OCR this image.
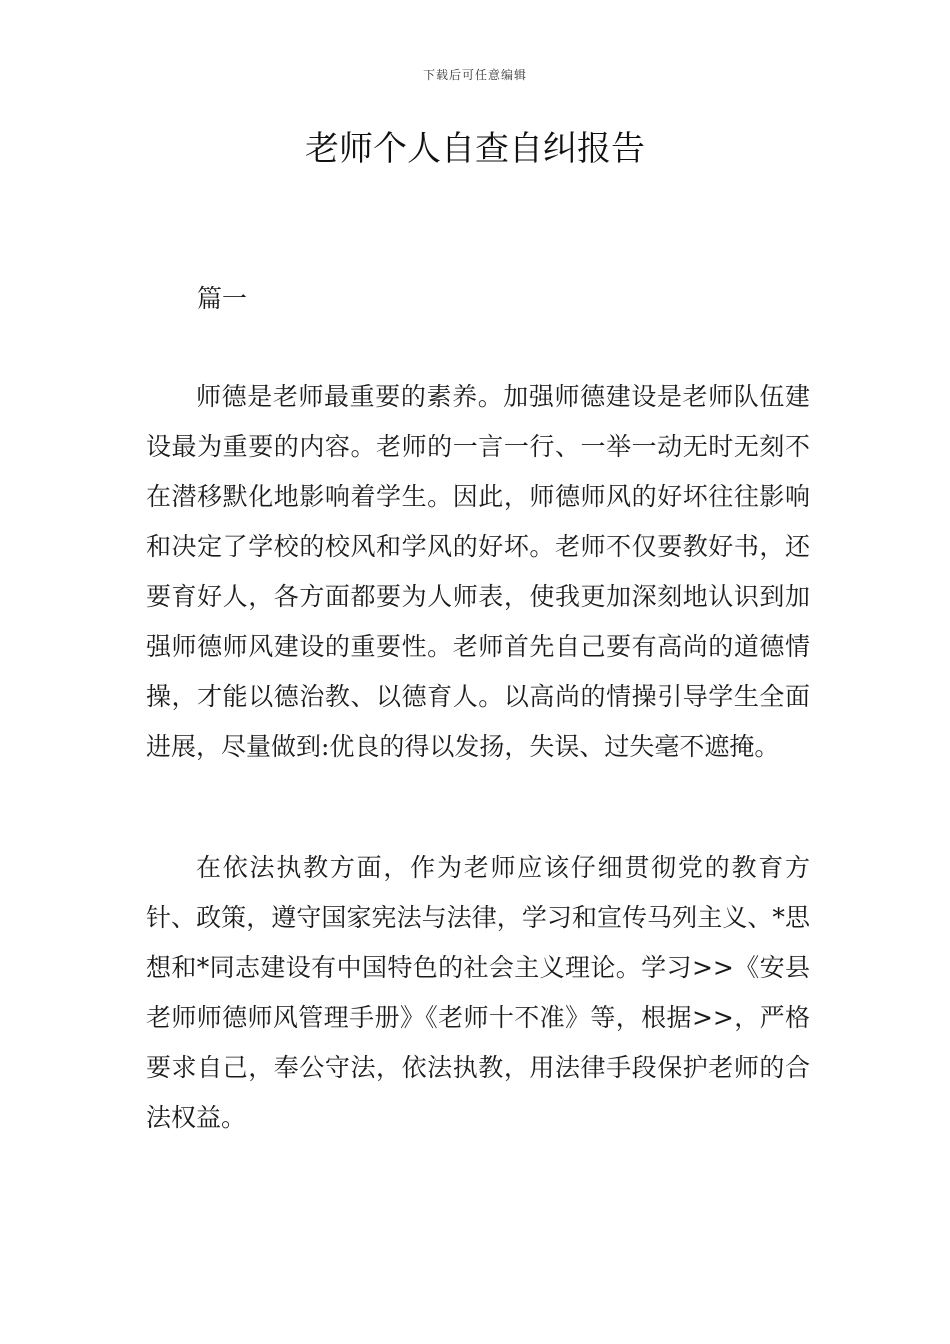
下载后可任意编辑
老师个人自查自纠报告

篇一

师德是老师最重要的素养。加强师德建设是老师队伍建设最为重要的内容。老师的一言一行、一举一动无时无刻不在潜移默化地影响着学生。因此，师德师风的好坏往往影响和决定了学校的校风和学风的好坏。老师不仅要教好书，还要育好人，各方面都要为人师表，使我更加深刻地认识到加强师德师风建设的重要性。老师首先自己要有高尚的道德情操，才能以德治教、以德育人。以高尚的情操引导学生全面进展，尽量做到:优良的得以发扬，失误、过失毫不遮掩。

在依法执教方面，作为老师应该仔细贯彻党的教育方针、政策，遵守国家宪法与法律，学习和宣传马列主义、*思想和*同志建设有中国特色的社会主义理论。学习>>《安县老师师德师风管理手册》《老师十不准》等，根据>>，严格要求自己，奉公守法，依法执教，用法律手段保护老师的合法权益。
